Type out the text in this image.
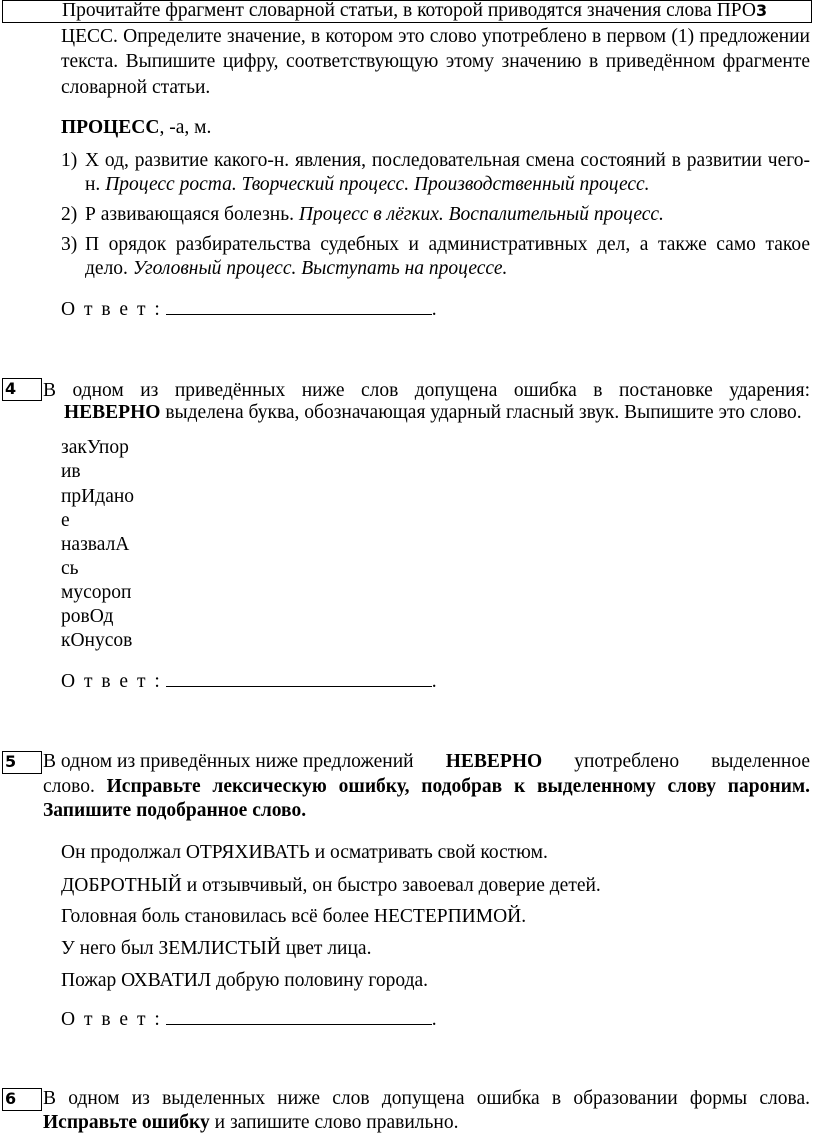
Прочитайте фрагмент словарной статьи, в которой приводятся значения слова ПРО3
ЦЕСС. Определите значение, в котором это слово употреблено в первом (1) предложении
текста. Выпишите цифру, соответствующую этому значению в приведённом фрагменте
словарной статьи.
ПРОЦЕСС, -а, м.
1) Х од, развитие какого-н. явления, последовательная смена состояний в развитии чего-
н. Процесс роста. Творческий процесс. Производственный процесс.
2) Р азвивающаяся болезнь. Процесс в лёгких. Воспалительный процесс.
3) П орядок разбирательства судебных и административных дел, а также само такое
дело. Уголовный процесс. Выступать на процессе.
О т в е т :	.
4	В одном из приведённых ниже слов допущена ошибка в постановке ударения:
НЕВЕРНО выделена буква, обозначающая ударный гласный звук. Выпишите это слово.
закУпор
ив
прИдано
е
назвалА
сь
мусороп
ровОд
кОнусов
О т в е т :	.
5	В одном из приведённых ниже предложений НЕВЕРНО употреблено выделенное
слово. Исправьте лексическую ошибку, подобрав к выделенному слову пароним.
Запишите подобранное слово.
Он продолжал ОТРЯХИВАТЬ и осматривать свой костюм.
ДОБРОТНЫЙ и отзывчивый, он быстро завоевал доверие детей.
Головная боль становилась всё более НЕСТЕРПИМОЙ.
У него был ЗЕМЛИСТЫЙ цвет лица.
Пожар ОХВАТИЛ добрую половину города.
О т в е т :	.
6	В одном из выделенных ниже слов допущена ошибка в образовании формы слова.
Исправьте ошибку и запишите слово правильно.
